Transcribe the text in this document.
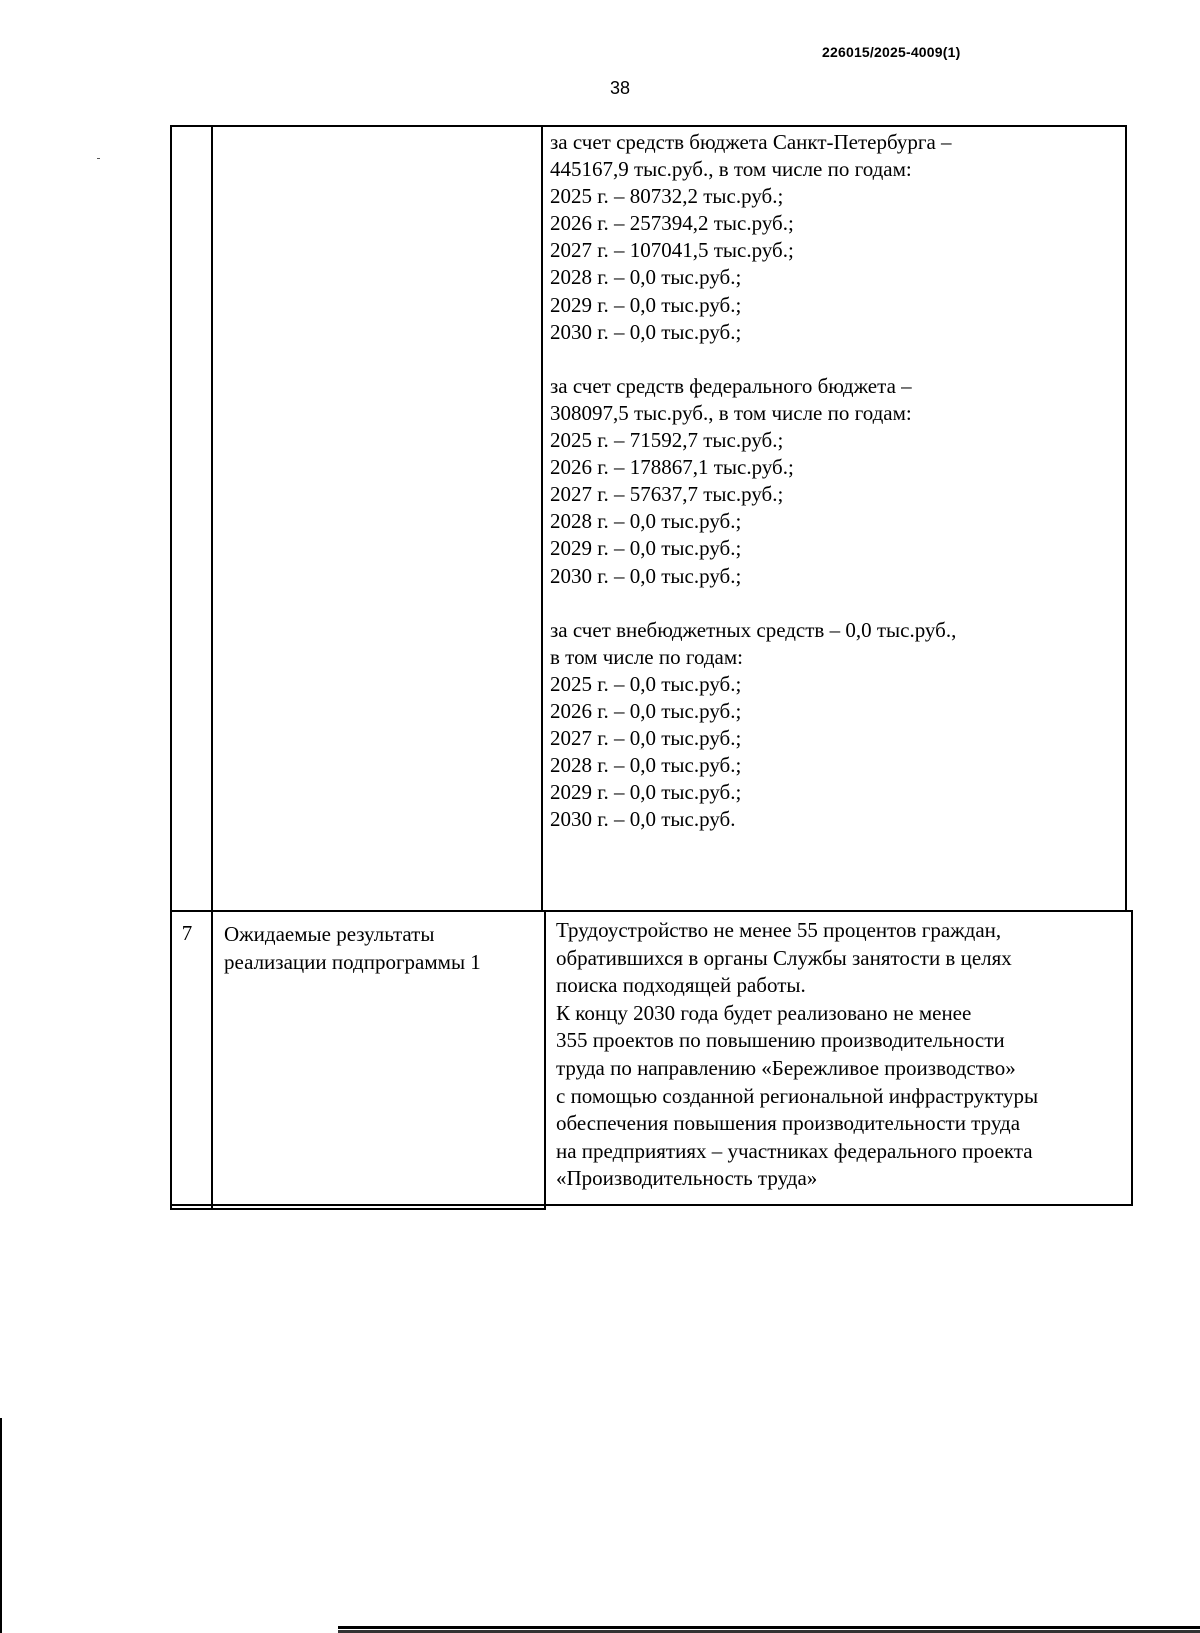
226015/2025-4009(1)
38
за счет средств бюджета Санкт-Петербурга –
445167,9 тыс.руб., в том числе по годам:
2025 г. – 80732,2 тыс.руб.;
2026 г. – 257394,2 тыс.руб.;
2027 г. – 107041,5 тыс.руб.;
2028 г. – 0,0 тыс.руб.;
2029 г. – 0,0 тыс.руб.;
2030 г. – 0,0 тыс.руб.;
за счет средств федерального бюджета –
308097,5 тыс.руб., в том числе по годам:
2025 г. – 71592,7 тыс.руб.;
2026 г. – 178867,1 тыс.руб.;
2027 г. – 57637,7 тыс.руб.;
2028 г. – 0,0 тыс.руб.;
2029 г. – 0,0 тыс.руб.;
2030 г. – 0,0 тыс.руб.;
за счет внебюджетных средств – 0,0 тыс.руб.,
в том числе по годам:
2025 г. – 0,0 тыс.руб.;
2026 г. – 0,0 тыс.руб.;
2027 г. – 0,0 тыс.руб.;
2028 г. – 0,0 тыс.руб.;
2029 г. – 0,0 тыс.руб.;
2030 г. – 0,0 тыс.руб.
7	Ожидаемые результаты
реализации подпрограммы 1
Трудоустройство не менее 55 процентов граждан,
обратившихся в органы Службы занятости в целях
поиска подходящей работы.
К концу 2030 года будет реализовано не менее
355 проектов по повышению производительности
труда по направлению «Бережливое производство»
с помощью созданной региональной инфраструктуры
обеспечения повышения производительности труда
на предприятиях – участниках федерального проекта
«Производительность труда»
